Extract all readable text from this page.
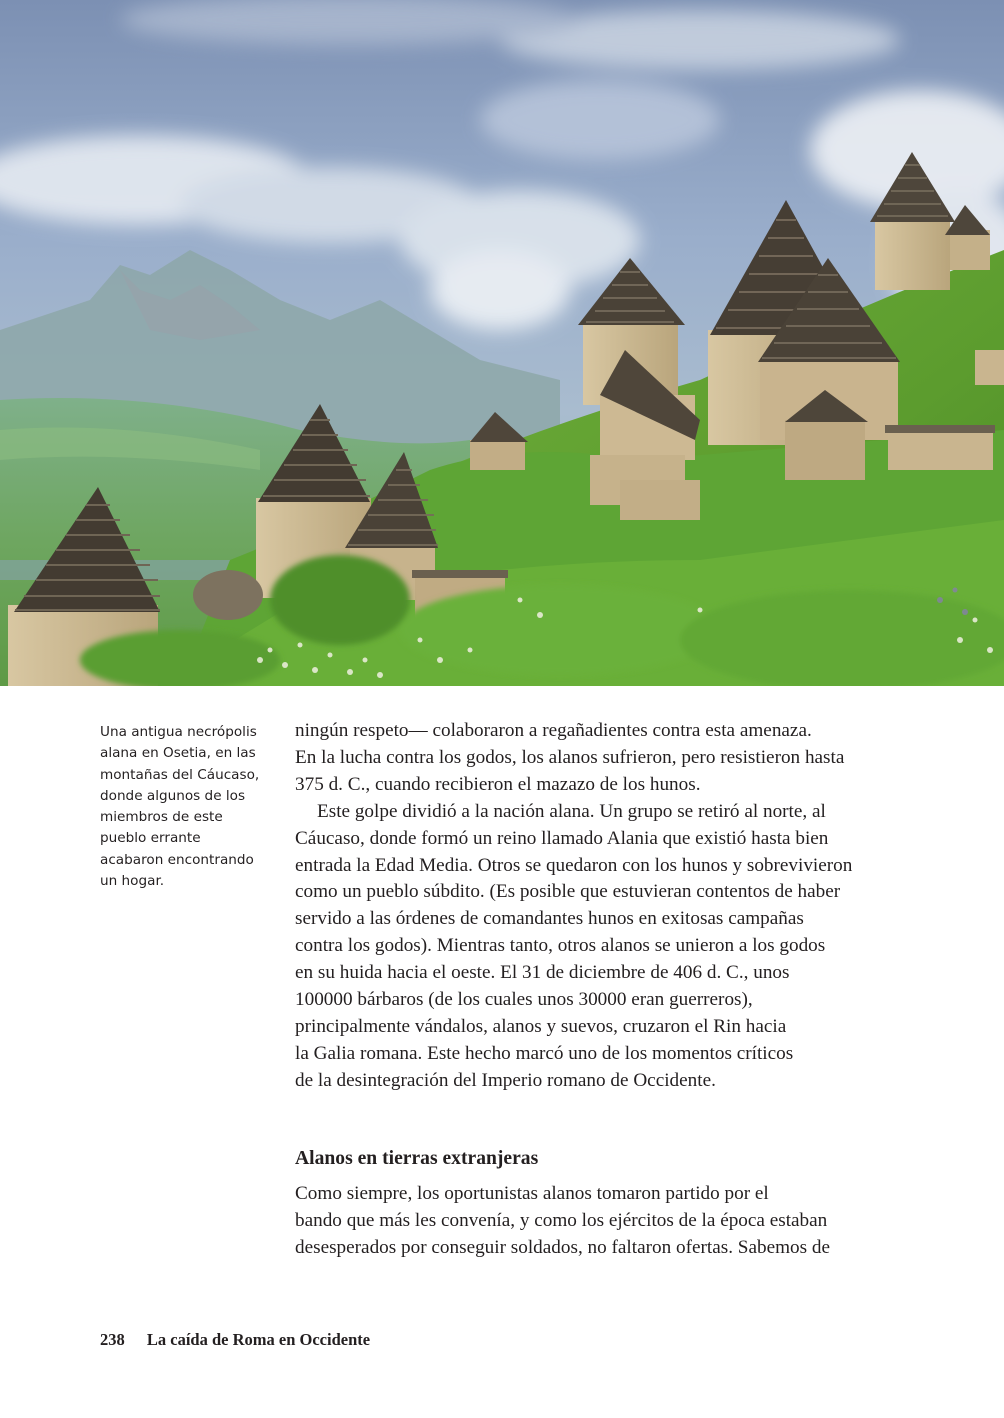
Una antigua necrópolis
alana en Osetia, en las
montañas del Cáucaso,
donde algunos de los
miembros de este
pueblo errante
acabaron encontrando
un hogar.

ningún respeto— colaboraron a regañadientes contra esta amenaza.
En la lucha contra los godos, los alanos sufrieron, pero resistieron hasta
375 d. C., cuando recibieron el mazazo de los hunos.

Este golpe dividió a la nación alana. Un grupo se retiró al norte, al
Cáucaso, donde formó un reino llamado Alania que existió hasta bien
entrada la Edad Media. Otros se quedaron con los hunos y sobrevivieron
como un pueblo súbdito. (Es posible que estuvieran contentos de haber
servido a las órdenes de comandantes hunos en exitosas campañas
contra los godos). Mientras tanto, otros alanos se unieron a los godos
en su huida hacia el oeste. El 31 de diciembre de 406 d. C., unos
100000 bárbaros (de los cuales unos 30000 eran guerreros),
principalmente vándalos, alanos y suevos, cruzaron el Rin hacia
la Galia romana. Este hecho marcó uno de los momentos críticos
de la desintegración del Imperio romano de Occidente.

Alanos en tierras extranjeras
Como siempre, los oportunistas alanos tomaron partido por el
bando que más les convenía, y como los ejércitos de la época estaban
desesperados por conseguir soldados, no faltaron ofertas. Sabemos de
238 La caída de Roma en Occidente
